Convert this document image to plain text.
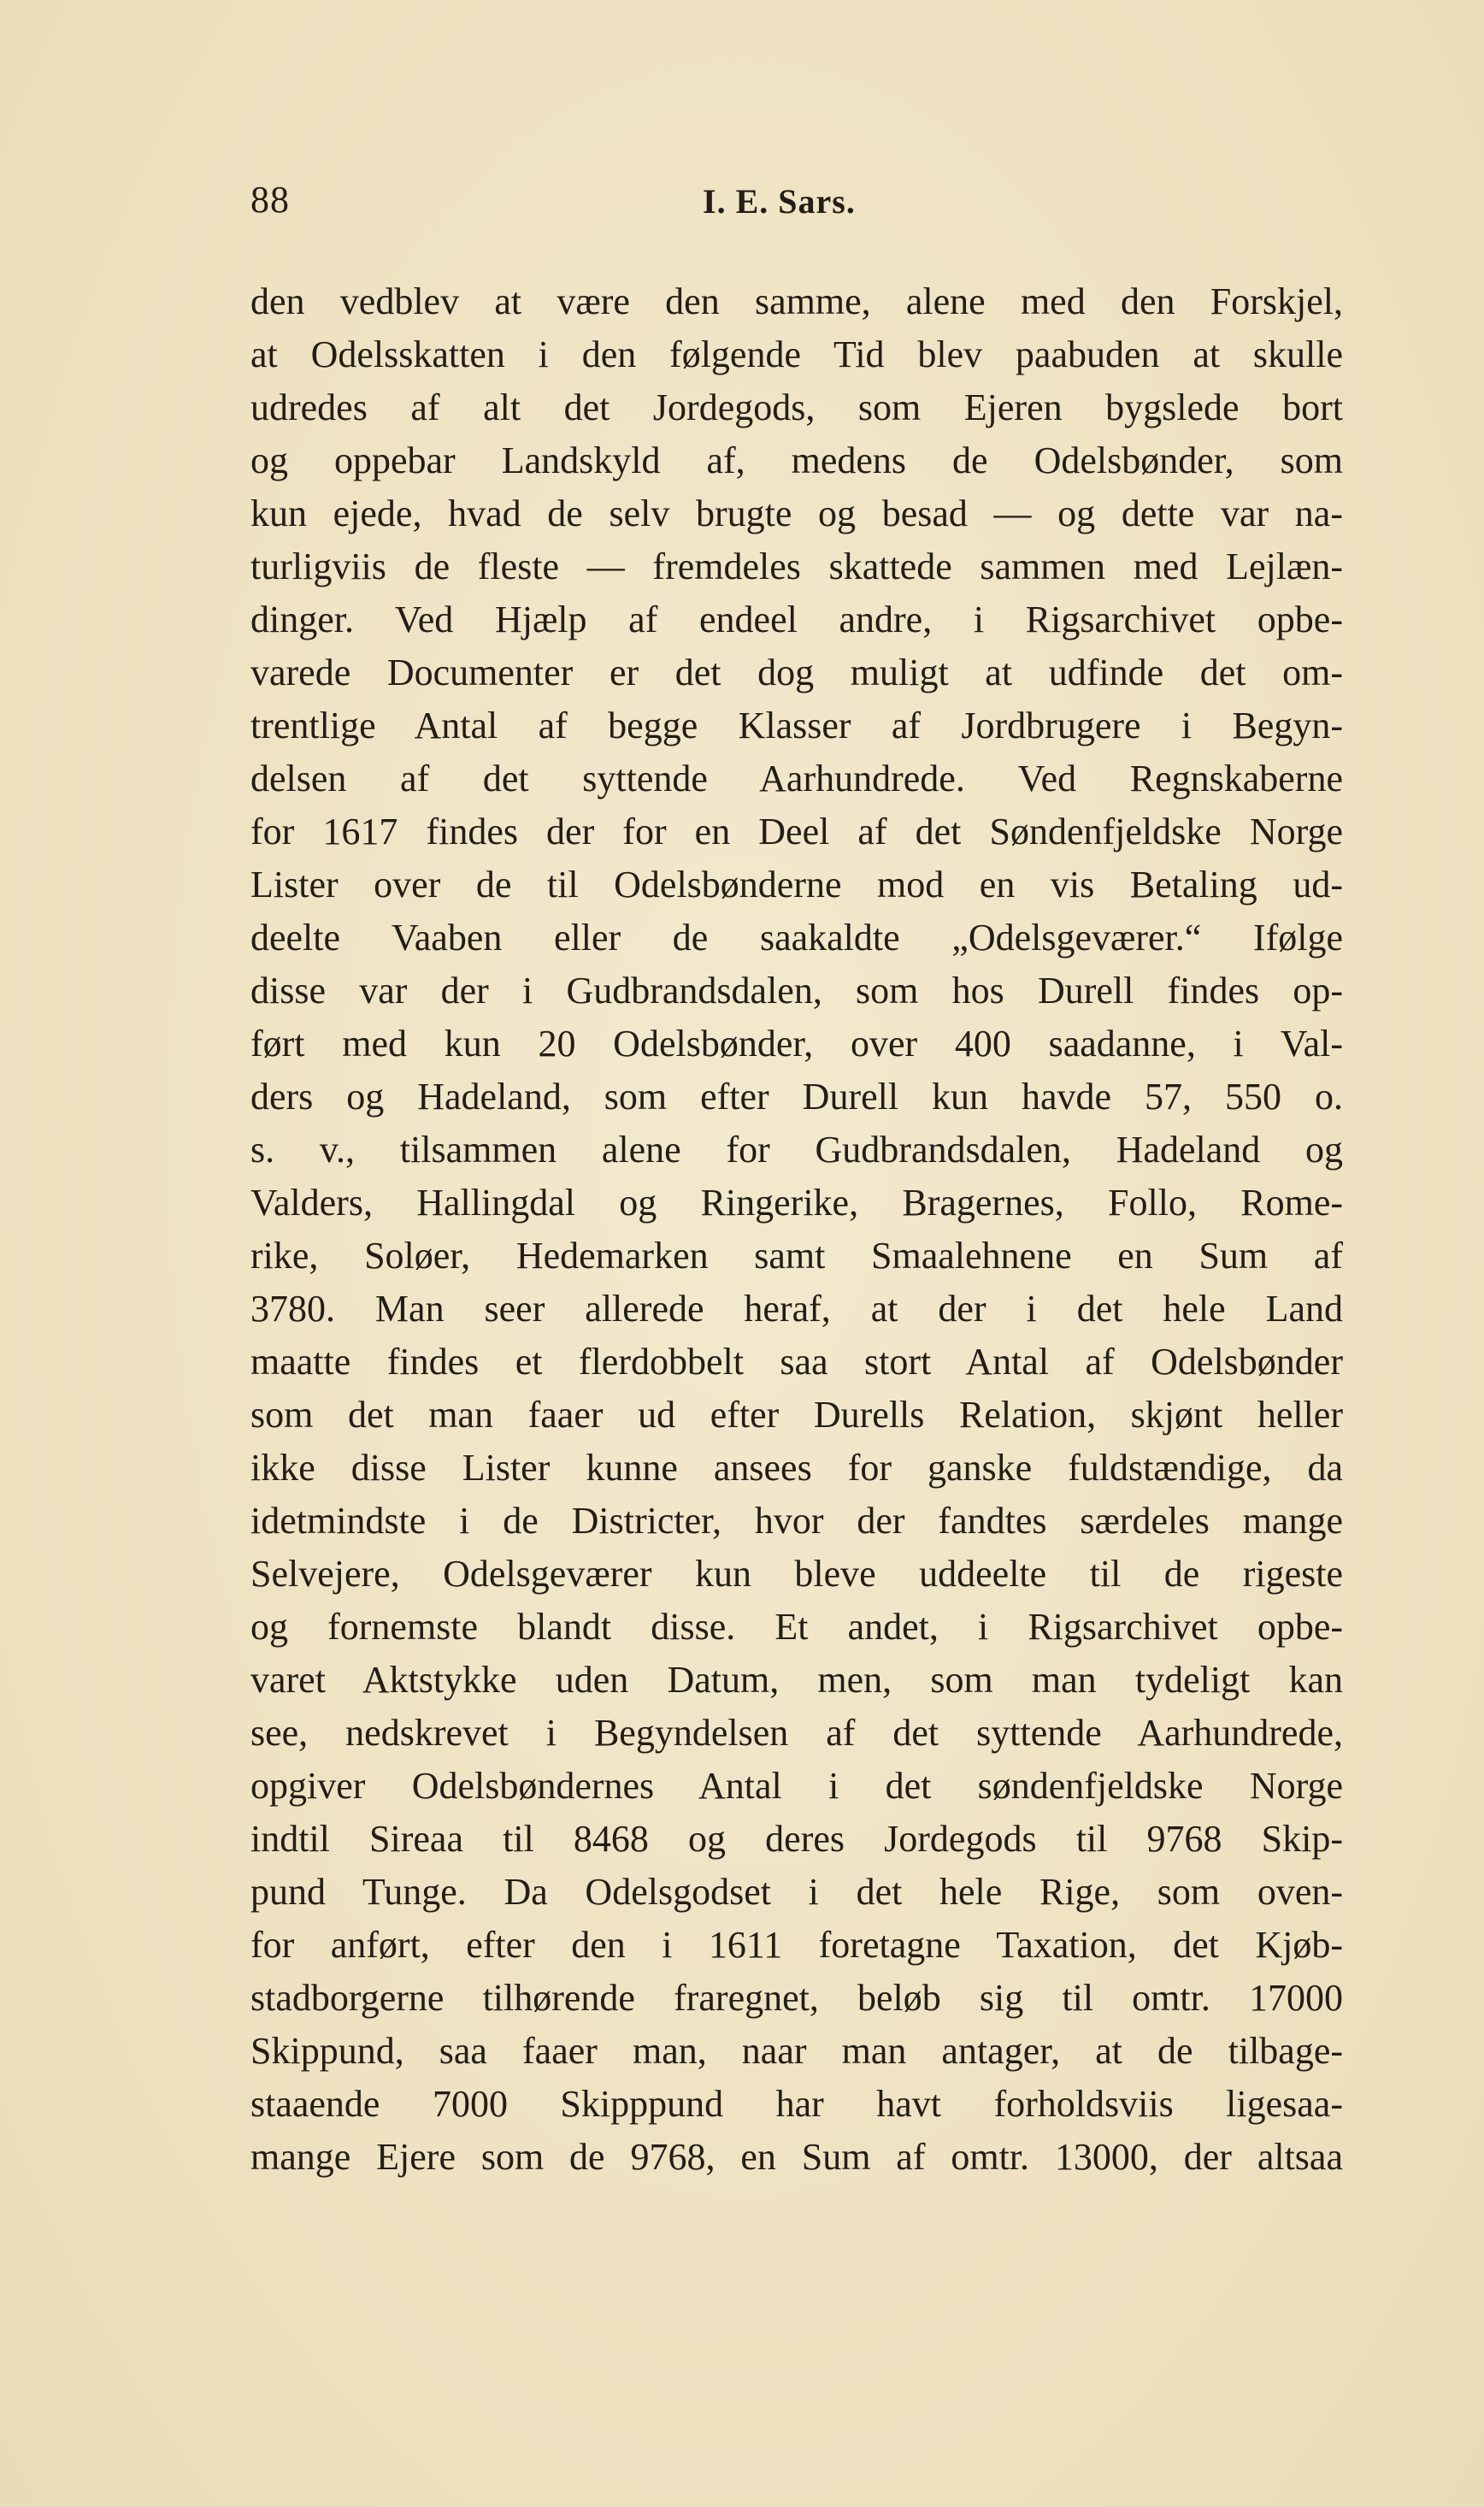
88	I. E. Sars.
den vedblev at være den samme, alene med den Forskjel,
at Odelsskatten i den følgende Tid blev paabuden at skulle
udredes af alt det Jordegods, som Ejeren bygslede bort
og oppebar Landskyld af, medens de Odelsbønder, som
kun ejede, hvad de selv brugte og besad — og dette var na-
turligviis de fleste — fremdeles skattede sammen med Lejlæn-
dinger. Ved Hjælp af endeel andre, i Rigsarchivet opbe-
varede Documenter er det dog muligt at udfinde det om-
trentlige Antal af begge Klasser af Jordbrugere i Begyn-
delsen af det syttende Aarhundrede. Ved Regnskaberne
for 1617 findes der for en Deel af det Søndenfjeldske Norge
Lister over de til Odelsbønderne mod en vis Betaling ud-
deelte Vaaben eller de saakaldte „Odelsgeværer.“ Ifølge
disse var der i Gudbrandsdalen, som hos Durell findes op-
ført med kun 20 Odelsbønder, over 400 saadanne, i Val-
ders og Hadeland, som efter Durell kun havde 57, 550 o.
s. v., tilsammen alene for Gudbrandsdalen, Hadeland og
Valders, Hallingdal og Ringerike, Bragernes, Follo, Rome-
rike, Soløer, Hedemarken samt Smaalehnene en Sum af
3780. Man seer allerede heraf, at der i det hele Land
maatte findes et flerdobbelt saa stort Antal af Odelsbønder
som det man faaer ud efter Durells Relation, skjønt heller
ikke disse Lister kunne ansees for ganske fuldstændige, da
idetmindste i de Districter, hvor der fandtes særdeles mange
Selvejere, Odelsgeværer kun bleve uddeelte til de rigeste
og fornemste blandt disse. Et andet, i Rigsarchivet opbe-
varet Aktstykke uden Datum, men, som man tydeligt kan
see, nedskrevet i Begyndelsen af det syttende Aarhundrede,
opgiver Odelsbøndernes Antal i det søndenfjeldske Norge
indtil Sireaa til 8468 og deres Jordegods til 9768 Skip-
pund Tunge. Da Odelsgodset i det hele Rige, som oven-
for anført, efter den i 1611 foretagne Taxation, det Kjøb-
stadborgerne tilhørende fraregnet, beløb sig til omtr. 17000
Skippund, saa faaer man, naar man antager, at de tilbage-
staaende 7000 Skipppund har havt forholdsviis ligesaa-
mange Ejere som de 9768, en Sum af omtr. 13000, der altsaa
